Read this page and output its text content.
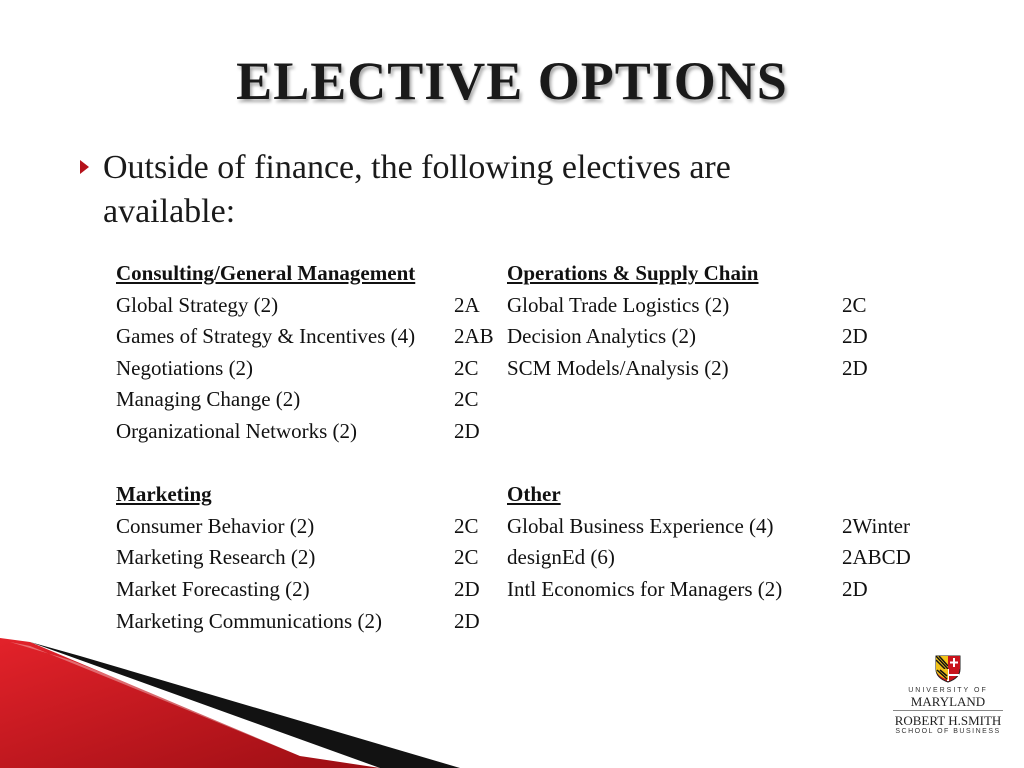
ELECTIVE OPTIONS
Outside of finance, the following electives are available:
Consulting/General Management	Operations & Supply Chain
Global Strategy (2)	2A Global Trade Logistics (2)	2C
Games of Strategy & Incentives (4) 2AB Decision Analytics (2)	2D
Negotiations (2)	2C SCM Models/Analysis (2)	2D
Managing Change (2)	2C
Organizational Networks (2)	2D
Marketing	Other
Consumer Behavior (2)	2C Global Business Experience (4)	2Winter
Marketing Research (2)	2C designEd (6)	2ABCD
Market Forecasting (2)	2D Intl Economics for Managers (2)	2D
Marketing Communications (2)	2D
UNIVERSITY OF
MARYLAND
ROBERT H.SMITH
SCHOOL OF BUSINESS
